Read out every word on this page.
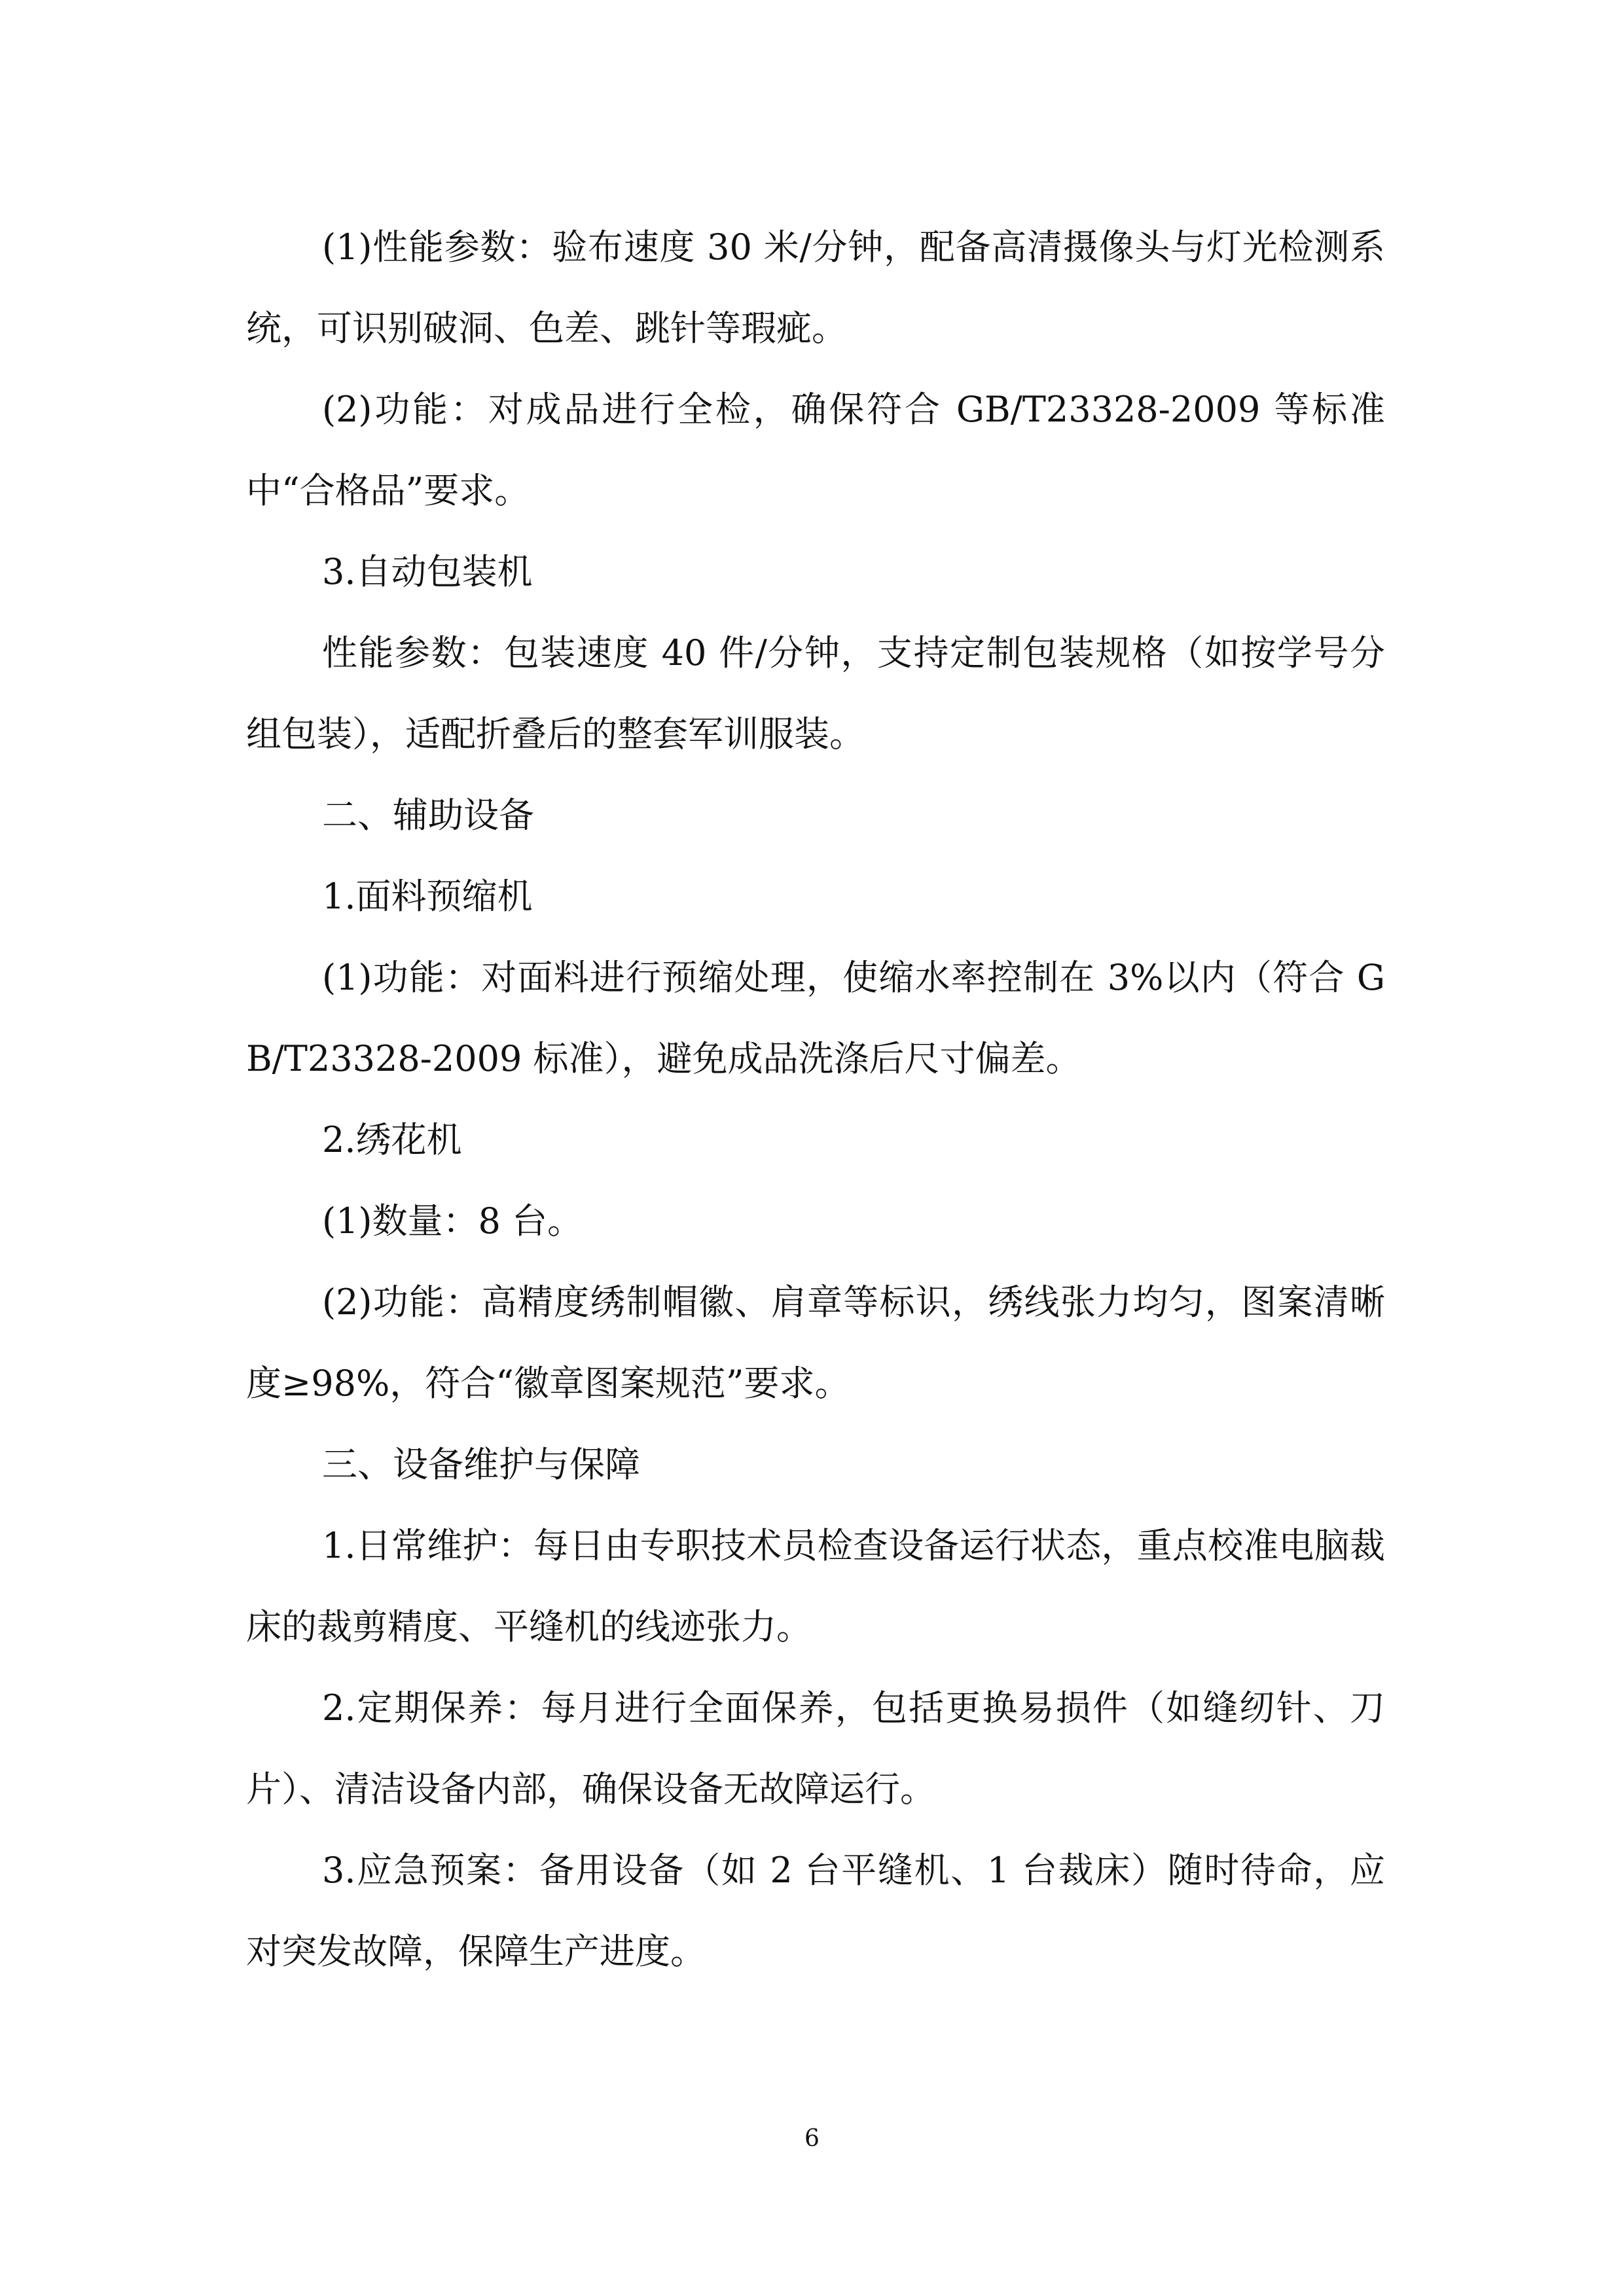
(1)性能参数：验布速度 30 米/分钟，配备高清摄像头与灯光检测系统，可识别破洞、色差、跳针等瑕疵。

(2)功能：对成品进行全检，确保符合 GB/T23328-2009 等标准中“合格品”要求。

3.自动包装机

性能参数：包装速度 40 件/分钟，支持定制包装规格（如按学号分组包装），适配折叠后的整套军训服装。

二、辅助设备

1.面料预缩机

(1)功能：对面料进行预缩处理，使缩水率控制在 3%以内（符合 GB/T23328-2009 标准），避免成品洗涤后尺寸偏差。

2.绣花机

(1)数量：8 台。

(2)功能：高精度绣制帽徽、肩章等标识，绣线张力均匀，图案清晰度≥98%，符合“徽章图案规范”要求。

三、设备维护与保障

1.日常维护：每日由专职技术员检查设备运行状态，重点校准电脑裁床的裁剪精度、平缝机的线迹张力。

2.定期保养：每月进行全面保养，包括更换易损件（如缝纫针、刀片）、清洁设备内部，确保设备无故障运行。

3.应急预案：备用设备（如 2 台平缝机、1 台裁床）随时待命，应对突发故障，保障生产进度。

6
